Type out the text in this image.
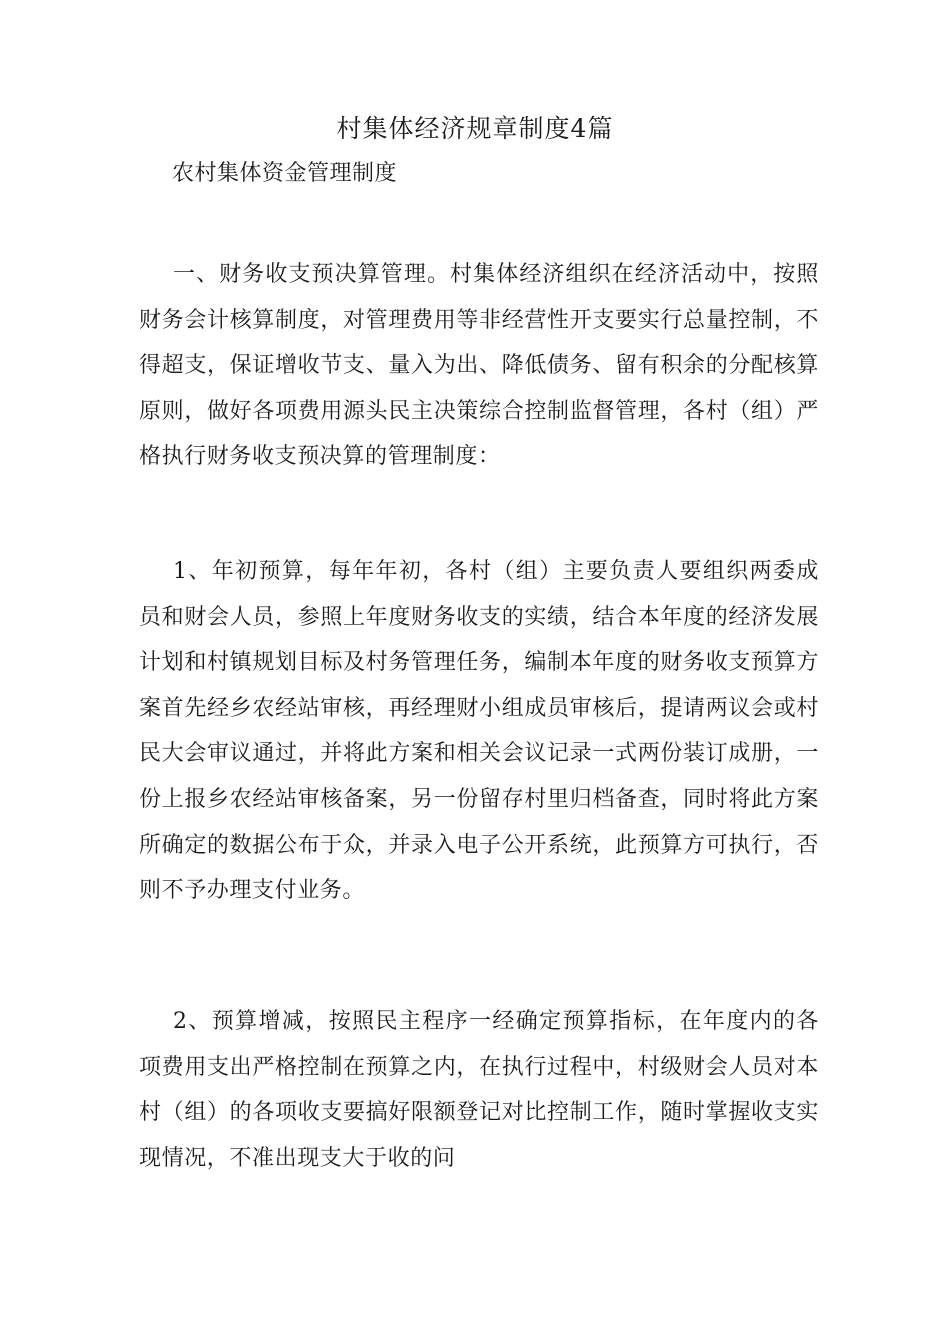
村集体经济规章制度4篇

农村集体资金管理制度

一、财务收支预决算管理。村集体经济组织在经济活动中，按照财务会计核算制度，对管理费用等非经营性开支要实行总量控制，不得超支，保证增收节支、量入为出、降低债务、留有积余的分配核算原则，做好各项费用源头民主决策综合控制监督管理，各村（组）严格执行财务收支预决算的管理制度：

1、年初预算，每年年初，各村（组）主要负责人要组织两委成员和财会人员，参照上年度财务收支的实绩，结合本年度的经济发展计划和村镇规划目标及村务管理任务，编制本年度的财务收支预算方案首先经乡农经站审核，再经理财小组成员审核后，提请两议会或村民大会审议通过，并将此方案和相关会议记录一式两份装订成册，一份上报乡农经站审核备案，另一份留存村里归档备查，同时将此方案所确定的数据公布于众，并录入电子公开系统，此预算方可执行，否则不予办理支付业务。

2、预算增减，按照民主程序一经确定预算指标，在年度内的各项费用支出严格控制在预算之内，在执行过程中，村级财会人员对本村（组）的各项收支要搞好限额登记对比控制工作，随时掌握收支实现情况，不准出现支大于收的问
